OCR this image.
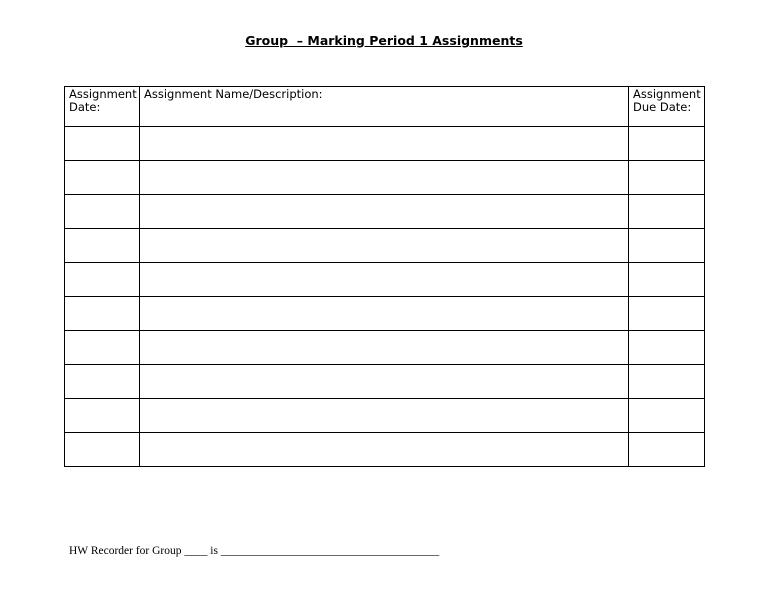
Group  – Marking Period 1 Assignments
Assignment Date:	Assignment Name/Description:	Assignment Due Date:

HW Recorder for Group ____ is ______________________________________
